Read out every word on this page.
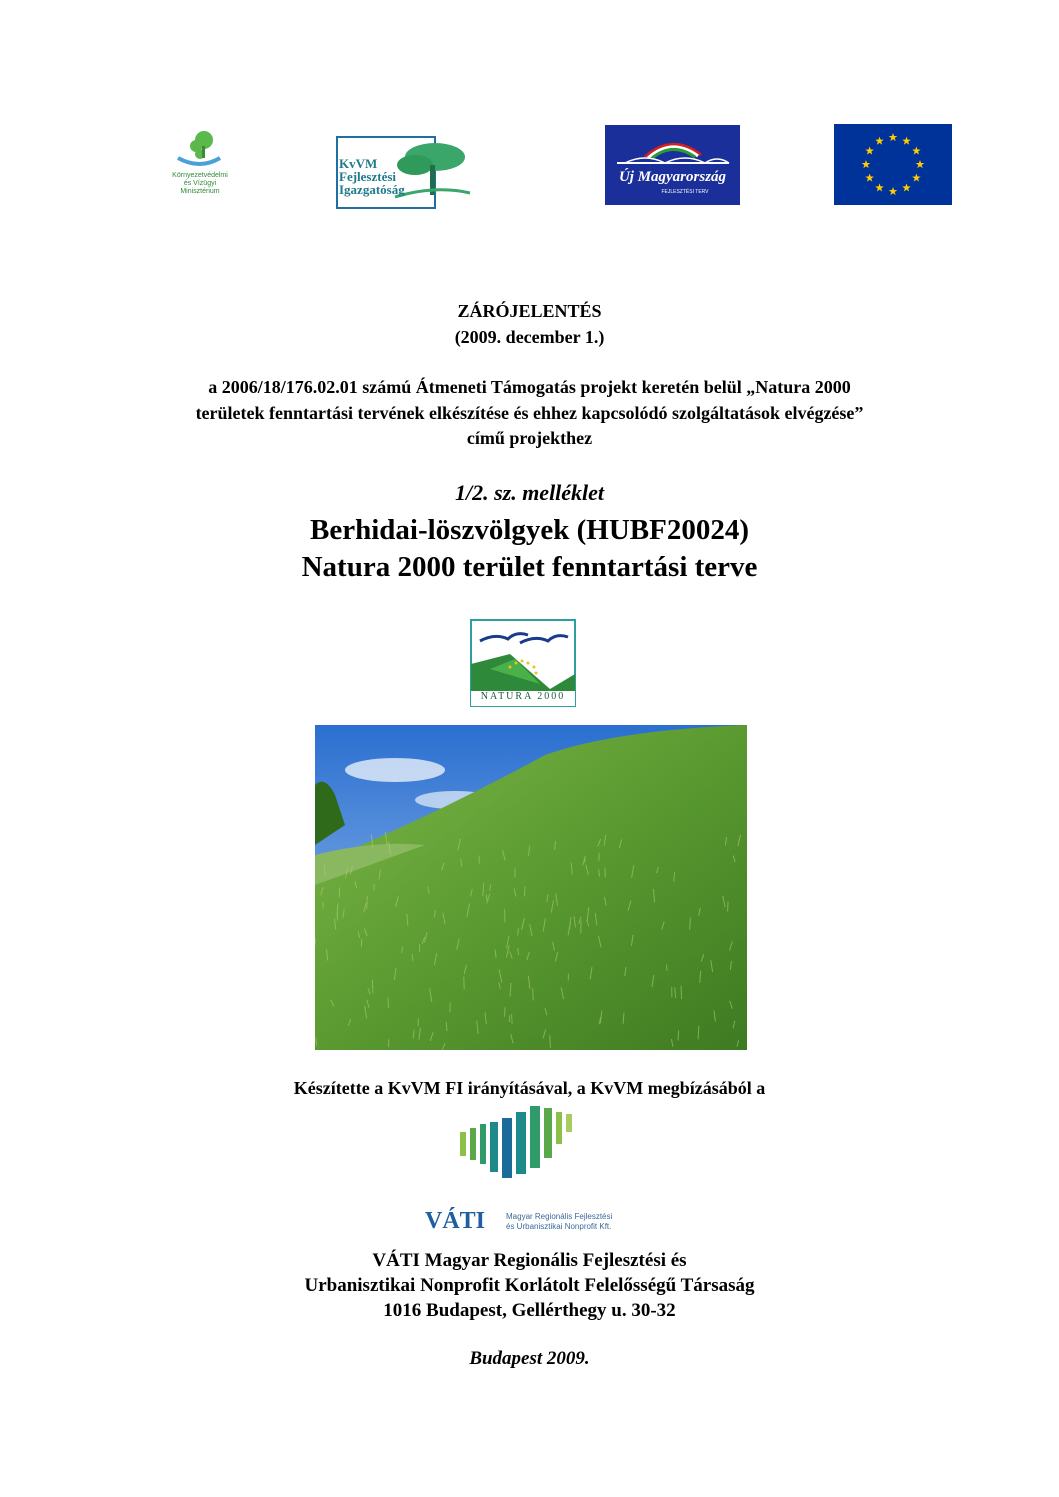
Környezetvédelmi
és Vízügyi
Minisztérium
KvVM
Fejlesztési
Igazgatóság
Új Magyarország
FEJLESZTÉSI TERV
ZÁRÓJELENTÉS
(2009. december 1.)
a 2006/18/176.02.01 számú Átmeneti Támogatás projekt keretén belül „Natura 2000
területek fenntartási tervének elkészítése és ehhez kapcsolódó szolgáltatások elvégzése”
című projekthez
1/2. sz. melléklet
Berhidai-löszvölgyek (HUBF20024)
Natura 2000 terület fenntartási terve
NATURA 2000
Készítette a KvVM FI irányításával, a KvVM megbízásából a
VÁTI	Magyar Regionális Fejlesztési
és Urbanisztikai Nonprofit Kft.
VÁTI Magyar Regionális Fejlesztési és
Urbanisztikai Nonprofit Korlátolt Felelősségű Társaság
1016 Budapest, Gellérthegy u. 30-32
Budapest 2009.
